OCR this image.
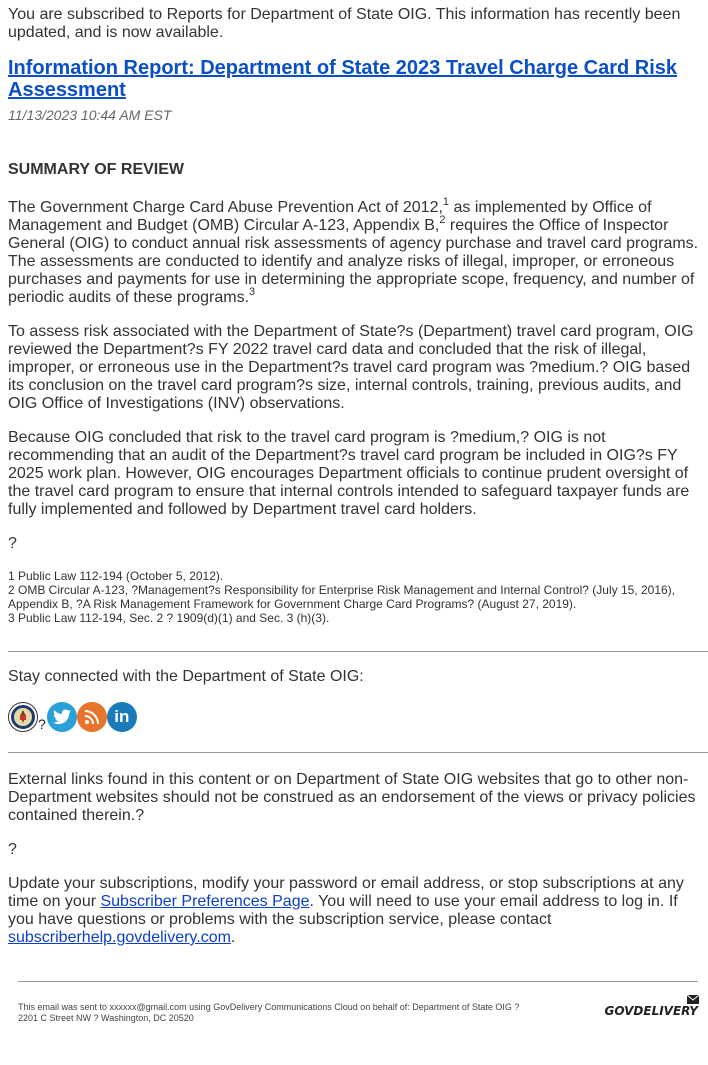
You are subscribed to Reports for Department of State OIG. This information has recently been updated, and is now available.
Information Report: Department of State 2023 Travel Charge Card Risk Assessment
11/13/2023 10:44 AM EST
SUMMARY OF REVIEW

The Government Charge Card Abuse Prevention Act of 2012,$^1$ as implemented by Office of Management and Budget (OMB) Circular A-123, Appendix B,$^2$ requires the Office of Inspector General (OIG) to conduct annual risk assessments of agency purchase and travel card programs. The assessments are conducted to identify and analyze risks of illegal, improper, or erroneous purchases and payments for use in determining the appropriate scope, frequency, and number of periodic audits of these programs.$^3$

To assess risk associated with the Department of State?s (Department) travel card program, OIG reviewed the Department?s FY 2022 travel card data and concluded that the risk of illegal, improper, or erroneous use in the Department?s travel card program was ?medium.? OIG based its conclusion on the travel card program?s size, internal controls, training, previous audits, and OIG Office of Investigations (INV) observations.

Because OIG concluded that risk to the travel card program is ?medium,? OIG is not recommending that an audit of the Department?s travel card program be included in OIG?s FY 2025 work plan. However, OIG encourages Department officials to continue prudent oversight of the travel card program to ensure that internal controls intended to safeguard taxpayer funds are fully implemented and followed by Department travel card holders.

?

1 Public Law 112-194 (October 5, 2012).
2 OMB Circular A-123, ?Management?s Responsibility for Enterprise Risk Management and Internal Control? (July 15, 2016), Appendix B, ?A Risk Management Framework for Government Charge Card Programs? (August 27, 2019).
3 Public Law 112-194, Sec. 2 ? 1909(d)(1) and Sec. 3 (h)(3).

Stay connected with the Department of State OIG:

?	in

External links found in this content or on Department of State OIG websites that go to other non-Department websites should not be construed as an endorsement of the views or privacy policies contained therein.?

?

Update your subscriptions, modify your password or email address, or stop subscriptions at any time on your Subscriber Preferences Page. You will need to use your email address to log in. If you have questions or problems with the subscription service, please contact subscriberhelp.govdelivery.com.

This email was sent to xxxxxx@gmail.com using GovDelivery Communications Cloud on behalf of: Department of State OIG ?
2201 C Street NW ? Washington, DC 20520	GOVDELIVERY
